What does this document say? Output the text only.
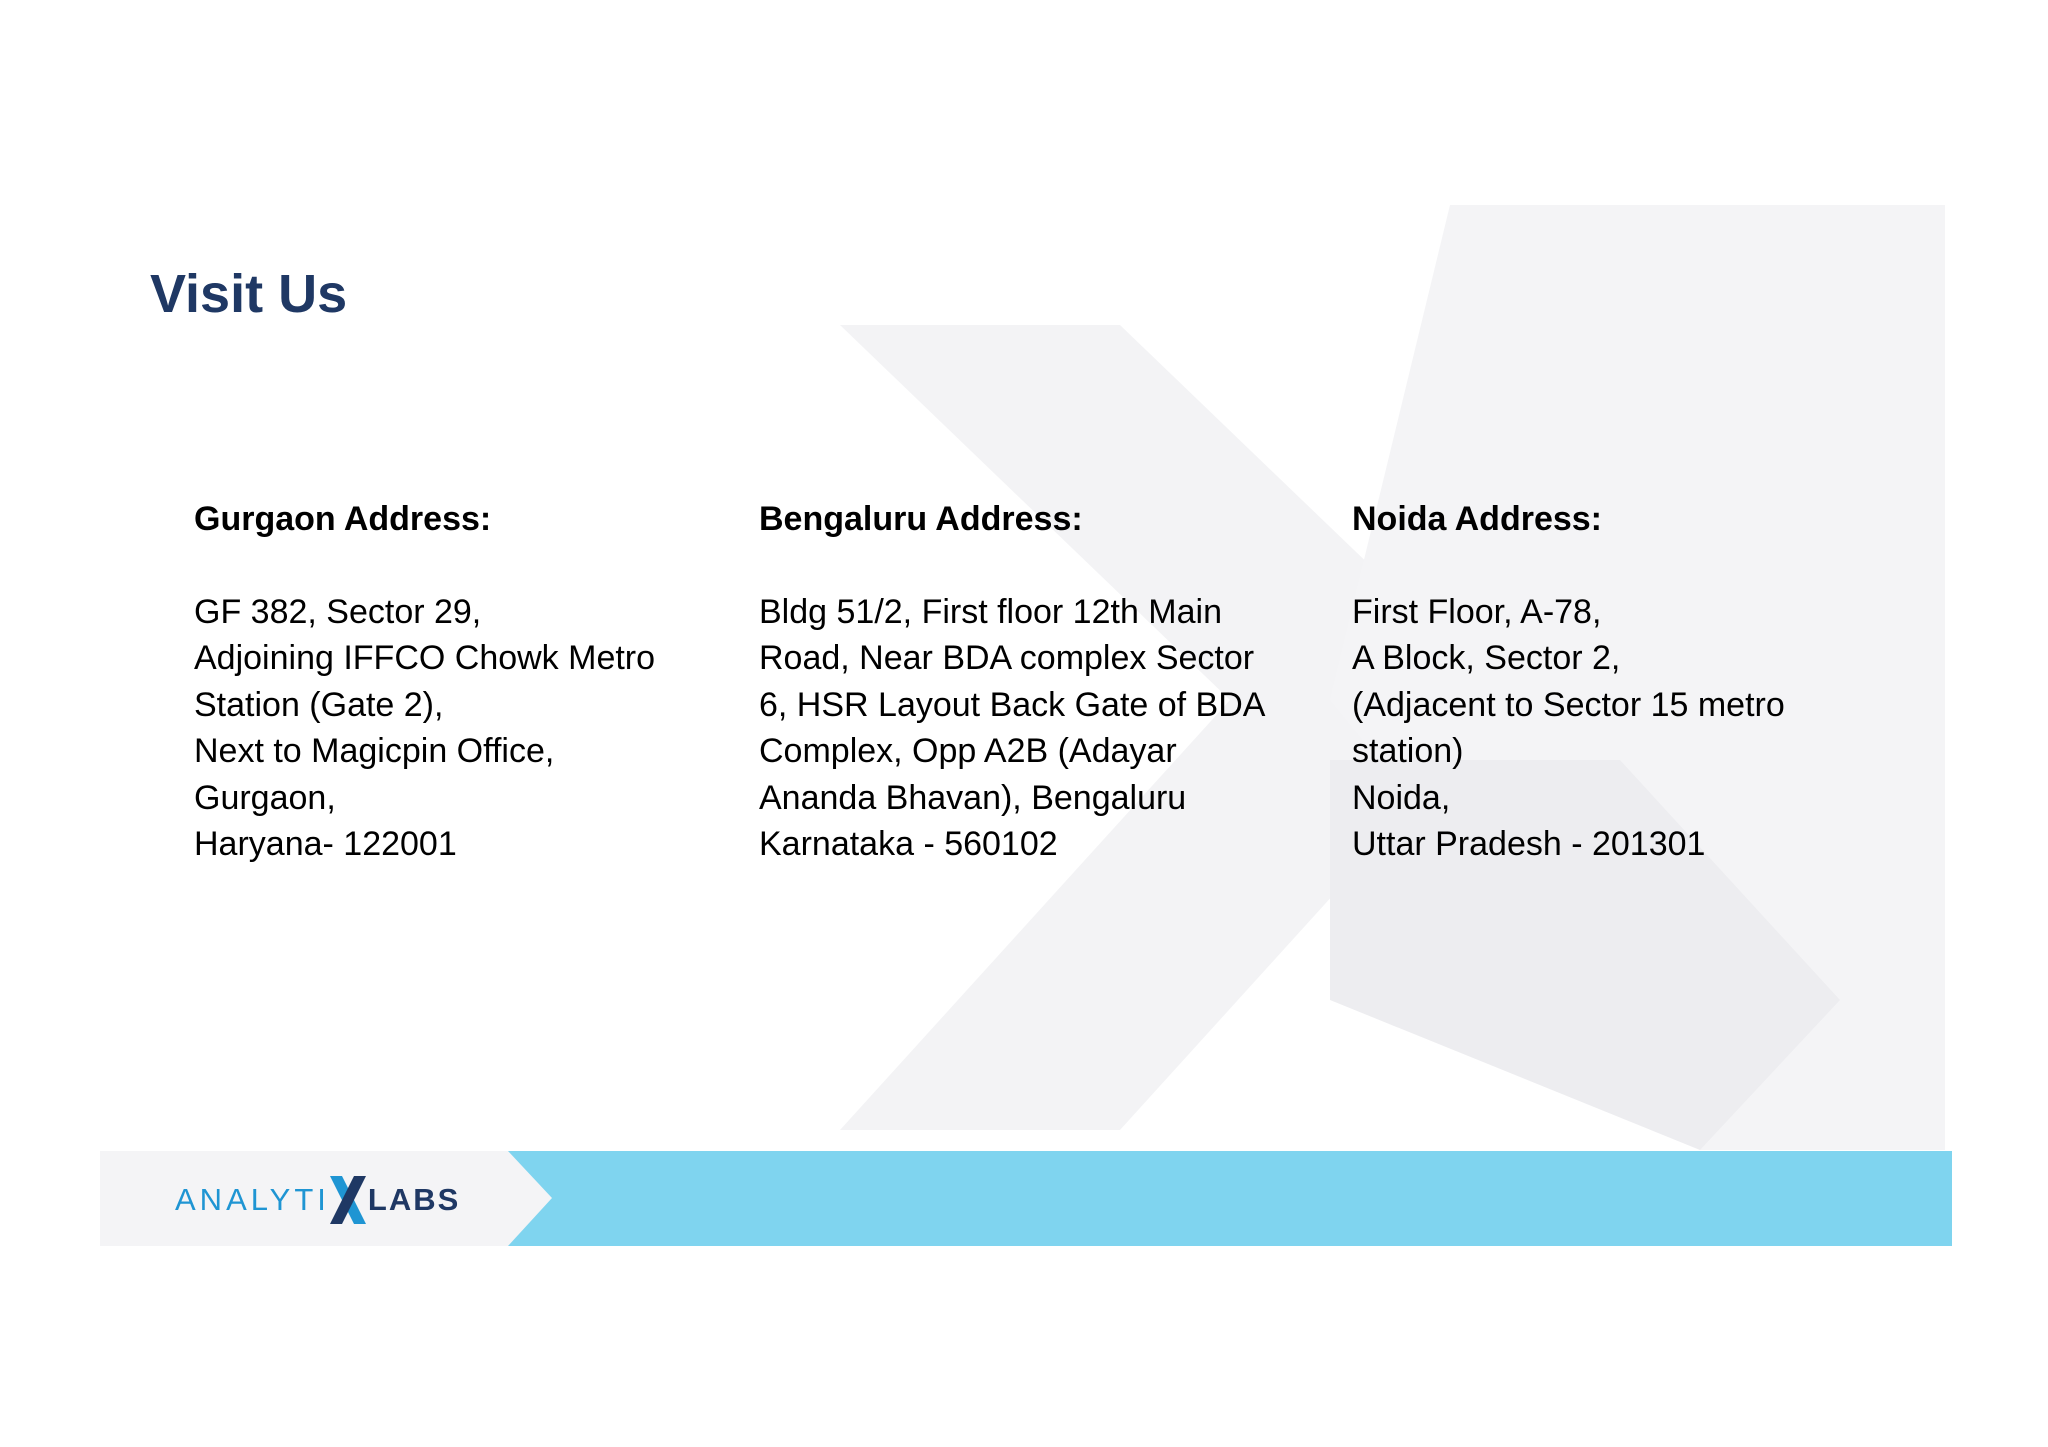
Visit Us
Gurgaon Address:
GF 382, Sector 29,
Adjoining IFFCO Chowk Metro
Station (Gate 2),
Next to Magicpin Office,
Gurgaon,
Haryana- 122001
Bengaluru Address:
Bldg 51/2, First floor 12th Main
Road, Near BDA complex Sector
6, HSR Layout Back Gate of BDA
Complex, Opp A2B (Adayar
Ananda Bhavan), Bengaluru
Karnataka - 560102
Noida Address:
First Floor, A-78,
A Block, Sector 2,
(Adjacent to Sector 15 metro
station)
Noida,
Uttar Pradesh - 201301
ANALYTI LABS
